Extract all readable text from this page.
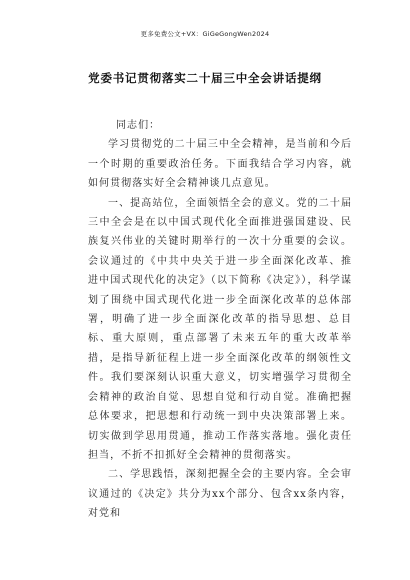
更多免费公文+VX：GiGeGongWen2024
党委书记贯彻落实二十届三中全会讲话提纲

同志们：

学习贯彻党的二十届三中全会精神，是当前和今后一个时期的重要政治任务。下面我结合学习内容，就如何贯彻落实好全会精神谈几点意见。

一、提高站位，全面领悟全会的意义。党的二十届三中全会是在以中国式现代化全面推进强国建设、民族复兴伟业的关键时期举行的一次十分重要的会议。会议通过的《中共中央关于进一步全面深化改革、推进中国式现代化的决定》（以下简称《决定》），科学谋划了围绕中国式现代化进一步全面深化改革的总体部署，明确了进一步全面深化改革的指导思想、总目标、重大原则，重点部署了未来五年的重大改革举措，是指导新征程上进一步全面深化改革的纲领性文件。我们要深刻认识重大意义，切实增强学习贯彻全会精神的政治自觉、思想自觉和行动自觉。准确把握总体要求，把思想和行动统一到中央决策部署上来。切实做到学思用贯通，推动工作落实落地。强化责任担当，不折不扣抓好全会精神的贯彻落实。

二、学思践悟，深刻把握全会的主要内容。全会审议通过的《决定》共分为xx个部分、包含xx条内容，对党和
